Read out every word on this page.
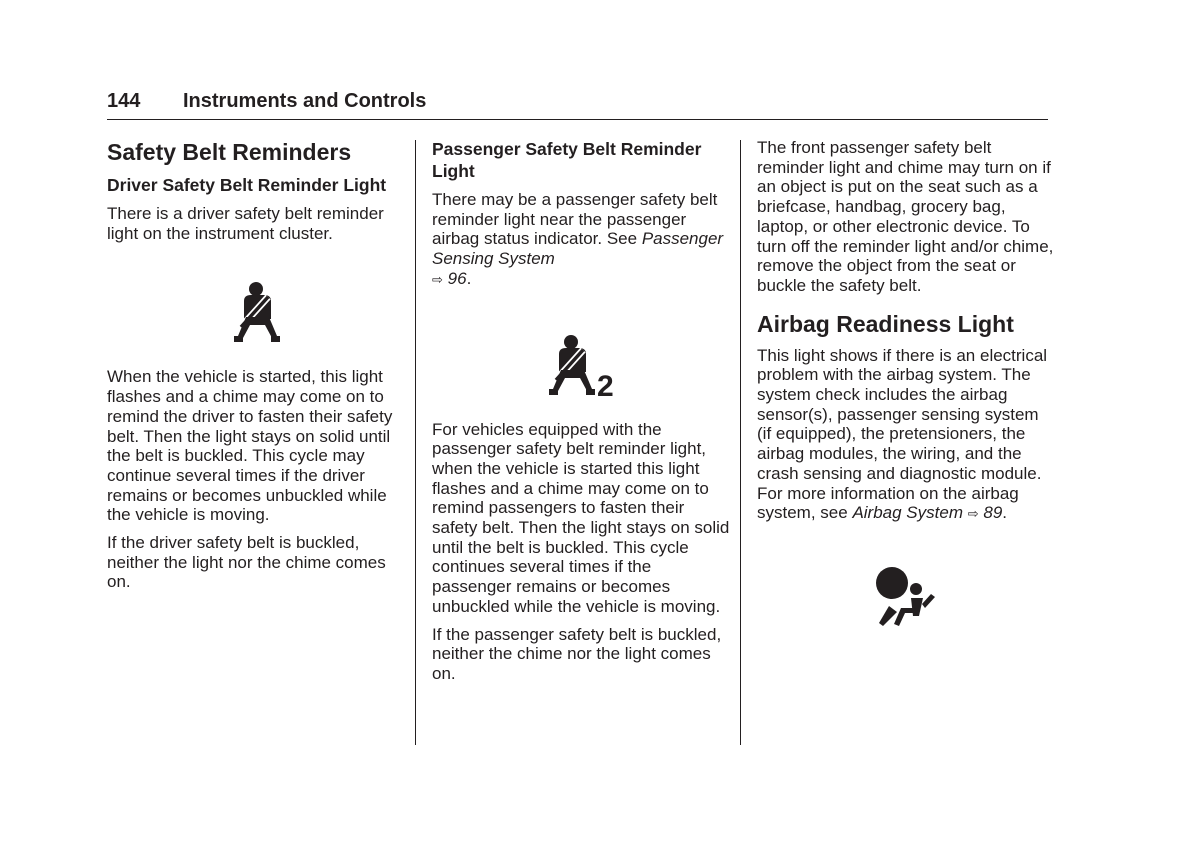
144 Instruments and Controls
Safety Belt Reminders
Driver Safety Belt Reminder Light

There is a driver safety belt reminder light on the instrument cluster.

When the vehicle is started, this light flashes and a chime may come on to remind the driver to fasten their safety belt. Then the light stays on solid until the belt is buckled. This cycle may continue several times if the driver remains or becomes unbuckled while the vehicle is moving.

If the driver safety belt is buckled, neither the light nor the chime comes on.

Passenger Safety Belt Reminder Light

There may be a passenger safety belt reminder light near the passenger airbag status indicator. See Passenger Sensing System
⇨ 96.

2

For vehicles equipped with the passenger safety belt reminder light, when the vehicle is started this light flashes and a chime may come on to remind passengers to fasten their safety belt. Then the light stays on solid until the belt is buckled. This cycle continues several times if the passenger remains or becomes unbuckled while the vehicle is moving.

If the passenger safety belt is buckled, neither the chime nor the light comes on.

The front passenger safety belt reminder light and chime may turn on if an object is put on the seat such as a briefcase, handbag, grocery bag, laptop, or other electronic device. To turn off the reminder light and/or chime, remove the object from the seat or buckle the safety belt.

Airbag Readiness Light

This light shows if there is an electrical problem with the airbag system. The system check includes the airbag sensor(s), passenger sensing system (if equipped), the pretensioners, the airbag modules, the wiring, and the crash sensing and diagnostic module. For more information on the airbag system, see Airbag System ⇨ 89.
